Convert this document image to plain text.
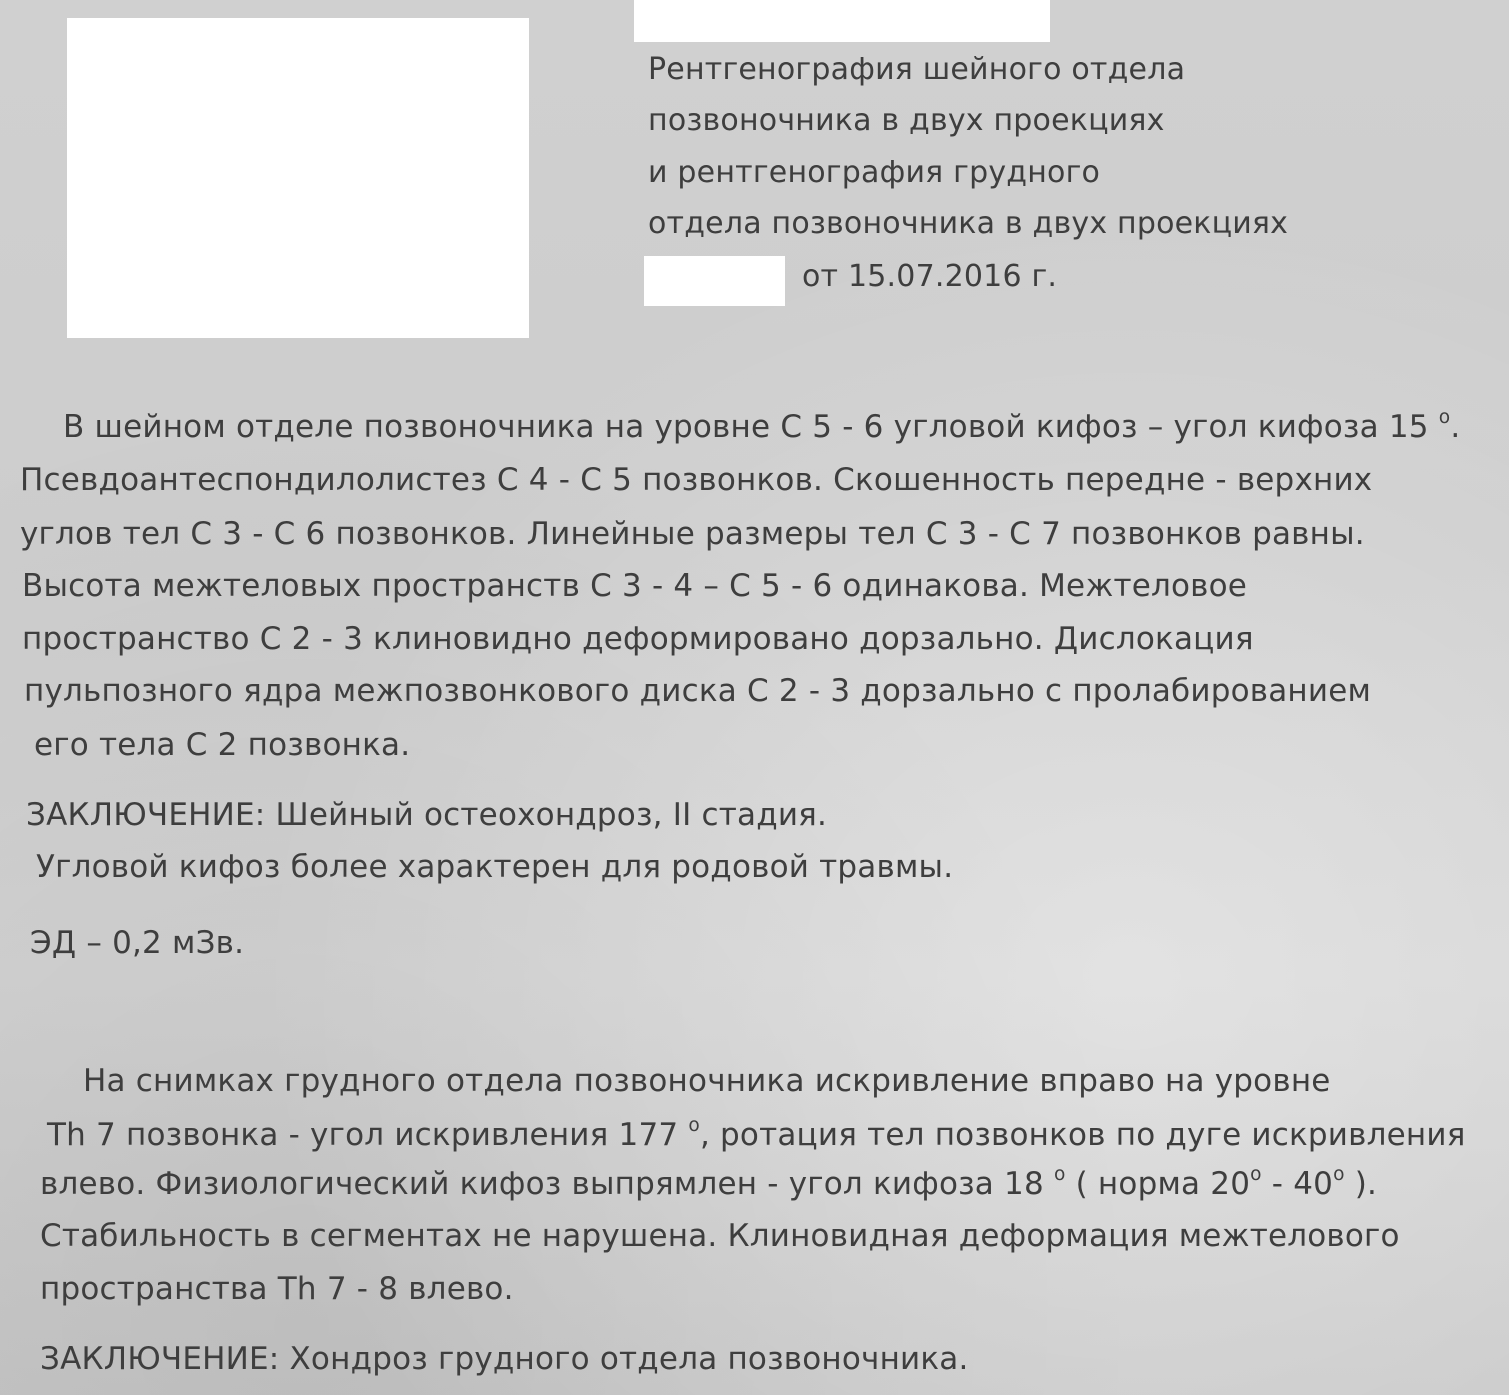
Рентгенография шейного отдела
позвоночника в двух проекциях
и рентгенография грудного
отдела позвоночника в двух проекциях
от 15.07.2016 г.
В шейном отделе позвоночника на уровне С 5 - 6 угловой кифоз – угол кифоза 15 $^о$.
Псевдоантеспондилолистез С 4 - С 5 позвонков. Скошенность передне - верхних
углов тел С 3 - С 6 позвонков. Линейные размеры тел С 3 - С 7 позвонков равны.
Высота межтеловых пространств С 3 - 4 – С 5 - 6 одинакова. Межтеловое
пространство С 2 - 3 клиновидно деформировано дорзально. Дислокация
пульпозного ядра межпозвонкового диска С 2 - 3 дорзально с пролабированием
его тела С 2 позвонка.
ЗАКЛЮЧЕНИЕ: Шейный остеохондроз, II стадия.
Угловой кифоз более характерен для родовой травмы.
ЭД – 0,2 мЗв.
На снимках грудного отдела позвоночника искривление вправо на уровне
Th 7 позвонка - угол искривления 177 $^о$, ротация тел позвонков по дуге искривления
влево. Физиологический кифоз выпрямлен - угол кифоза 18 $^о$ ( норма $20^о - 40^о$ ).
Стабильность в сегментах не нарушена. Клиновидная деформация межтелового
пространства Th 7 - 8 влево.
ЗАКЛЮЧЕНИЕ: Хондроз грудного отдела позвоночника.
